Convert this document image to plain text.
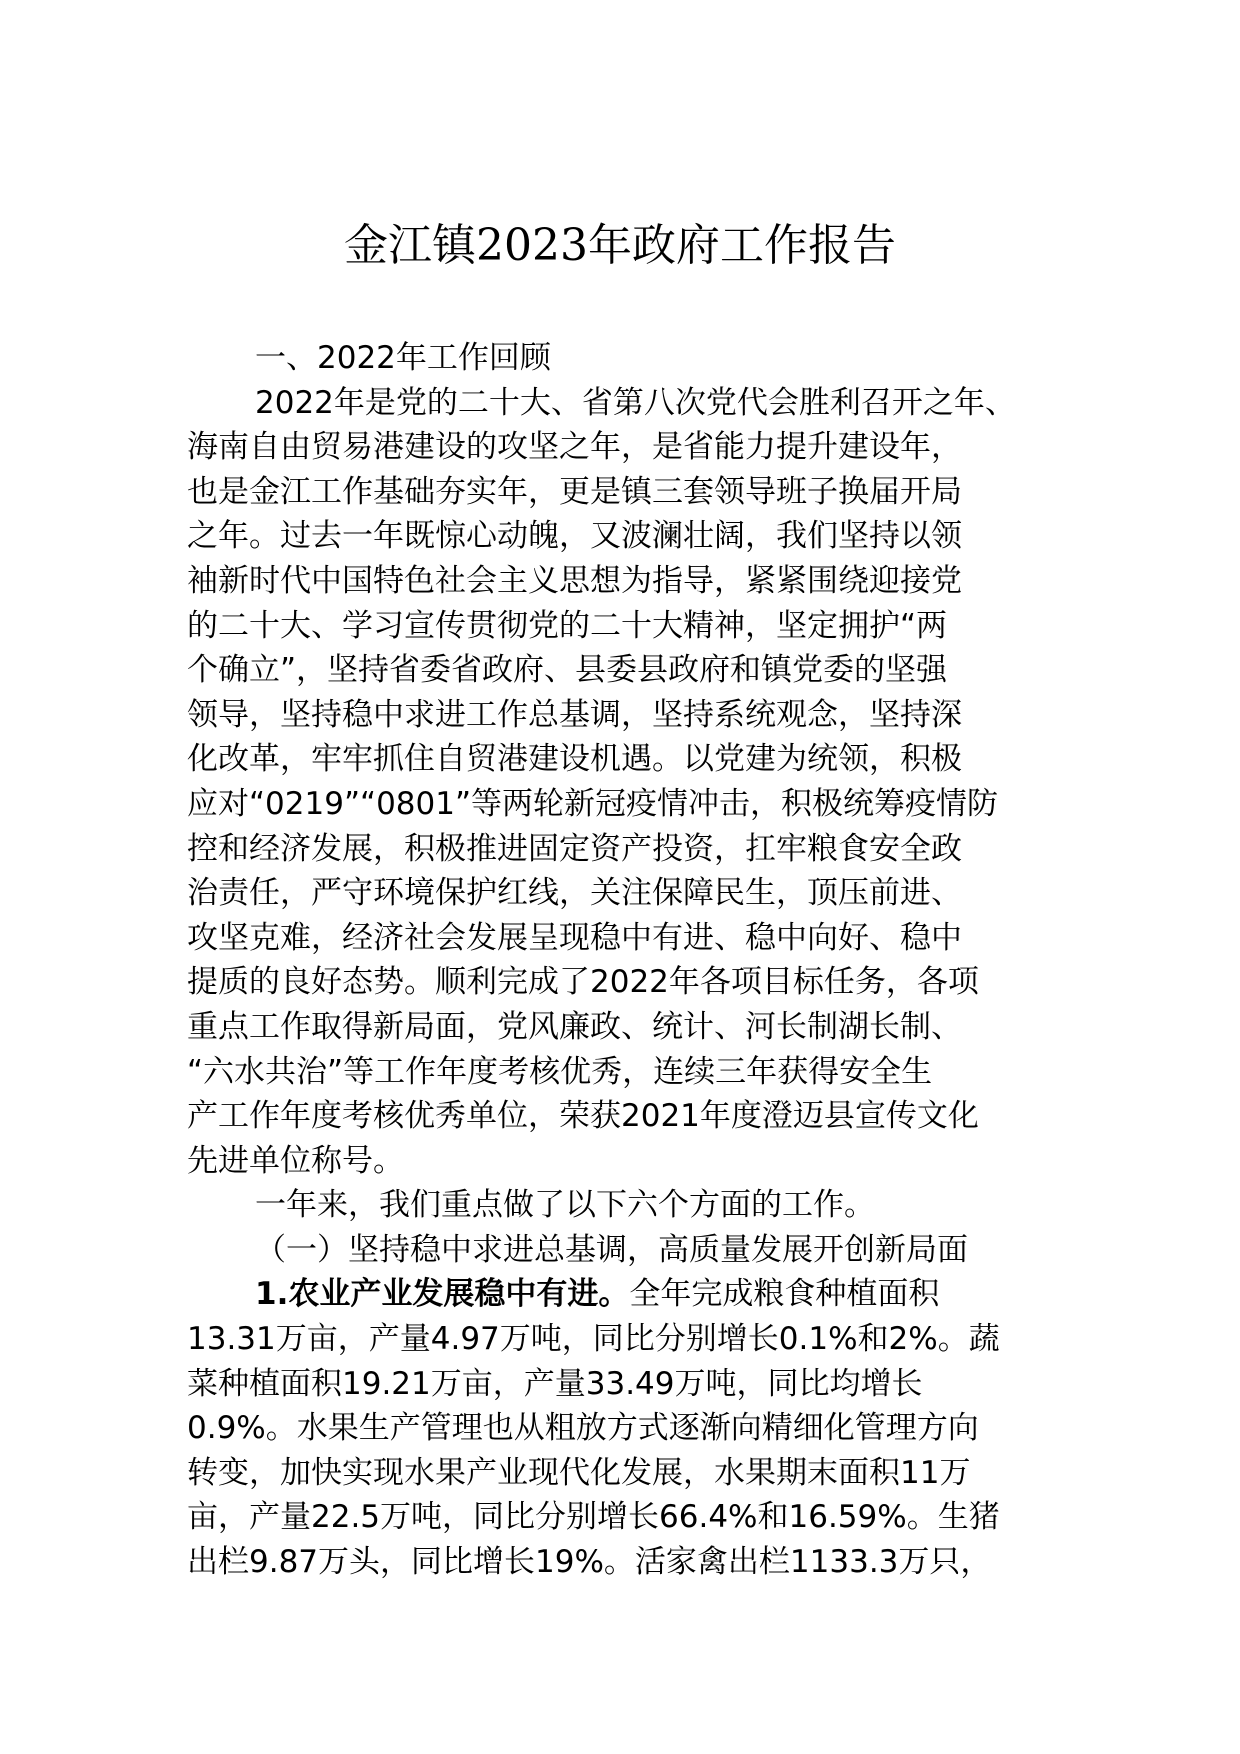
金江镇2023年政府工作报告
一、2022年工作回顾
2022年是党的二十大、省第八次党代会胜利召开之年、
海南自由贸易港建设的攻坚之年，是省能力提升建设年，
也是金江工作基础夯实年，更是镇三套领导班子换届开局
之年。过去一年既惊心动魄，又波澜壮阔，我们坚持以领
袖新时代中国特色社会主义思想为指导，紧紧围绕迎接党
的二十大、学习宣传贯彻党的二十大精神，坚定拥护“两
个确立”，坚持省委省政府、县委县政府和镇党委的坚强
领导，坚持稳中求进工作总基调，坚持系统观念，坚持深
化改革，牢牢抓住自贸港建设机遇。以党建为统领，积极
应对“0219”“0801”等两轮新冠疫情冲击，积极统筹疫情防
控和经济发展，积极推进固定资产投资，扛牢粮食安全政
治责任，严守环境保护红线，关注保障民生，顶压前进、
攻坚克难，经济社会发展呈现稳中有进、稳中向好、稳中
提质的良好态势。顺利完成了2022年各项目标任务，各项
重点工作取得新局面，党风廉政、统计、河长制湖长制、
“六水共治”等工作年度考核优秀，连续三年获得安全生
产工作年度考核优秀单位，荣获2021年度澄迈县宣传文化
先进单位称号。
一年来，我们重点做了以下六个方面的工作。
（一）坚持稳中求进总基调，高质量发展开创新局面
1.农业产业发展稳中有进。全年完成粮食种植面积
13.31万亩，产量4.97万吨，同比分别增长0.1%和2%。蔬
菜种植面积19.21万亩，产量33.49万吨，同比均增长
0.9%。水果生产管理也从粗放方式逐渐向精细化管理方向
转变，加快实现水果产业现代化发展，水果期末面积11万
亩，产量22.5万吨，同比分别增长66.4%和16.59%。生猪
出栏9.87万头，同比增长19%。活家禽出栏1133.3万只，
